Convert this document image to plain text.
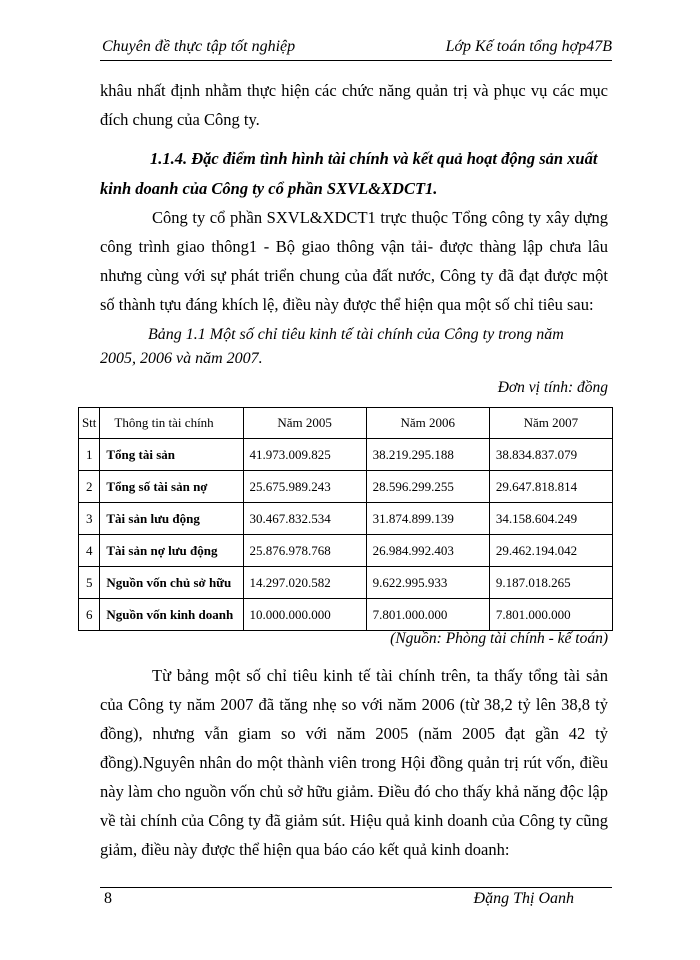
Chuyên đề thực tập tốt nghiệp	Lớp Kế toán tổng hợp47B
khâu nhất định nhằm thực hiện các chức năng quản trị và phục vụ các mục đích chung của Công ty.
1.1.4. Đặc điểm tình hình tài chính và kết quả hoạt động sản xuất
kinh doanh của Công ty cổ phần SXVL&XDCT1.
Công ty cổ phần SXVL&XDCT1 trực thuộc Tổng công ty xây dựng công trình giao thông1 - Bộ giao thông vận tải- được thàng lập chưa lâu nhưng cùng với sự phát triển chung của đất nước, Công ty đã đạt được một số thành tựu đáng khích lệ, điều này được thể hiện qua một số chỉ tiêu sau:
Bảng 1.1 Một số chỉ tiêu kinh tế tài chính của Công ty trong năm
2005, 2006 và năm 2007.
Đơn vị tính: đồng
Stt	Thông tin tài chính	Năm 2005	Năm 2006	Năm 2007
1	Tổng tài sản	41.973.009.825	38.219.295.188	38.834.837.079
2	Tổng số tài sản nợ	25.675.989.243	28.596.299.255	29.647.818.814
3	Tài sản lưu động	30.467.832.534	31.874.899.139	34.158.604.249
4	Tài sản nợ lưu động	25.876.978.768	26.984.992.403	29.462.194.042
5	Nguồn vốn chủ sở hữu	14.297.020.582	9.622.995.933	9.187.018.265
6	Nguồn vốn kinh doanh	10.000.000.000	7.801.000.000	7.801.000.000
(Nguồn: Phòng tài chính - kế toán)
Từ bảng một số chỉ tiêu kinh tế tài chính trên, ta thấy tổng tài sản của Công ty năm 2007 đã tăng nhẹ so với năm 2006 (từ 38,2 tỷ lên 38,8 tỷ đồng), nhưng vẫn giam so với năm 2005 (năm 2005 đạt gần 42 tỷ đồng).Nguyên nhân do một thành viên trong Hội đồng quản trị rút vốn, điều này làm cho nguồn vốn chủ sở hữu giảm. Điều đó cho thấy khả năng độc lập về tài chính của Công ty đã giảm sút. Hiệu quả kinh doanh của Công ty cũng giảm, điều này được thể hiện qua báo cáo kết quả kinh doanh:
8	Đặng Thị Oanh
